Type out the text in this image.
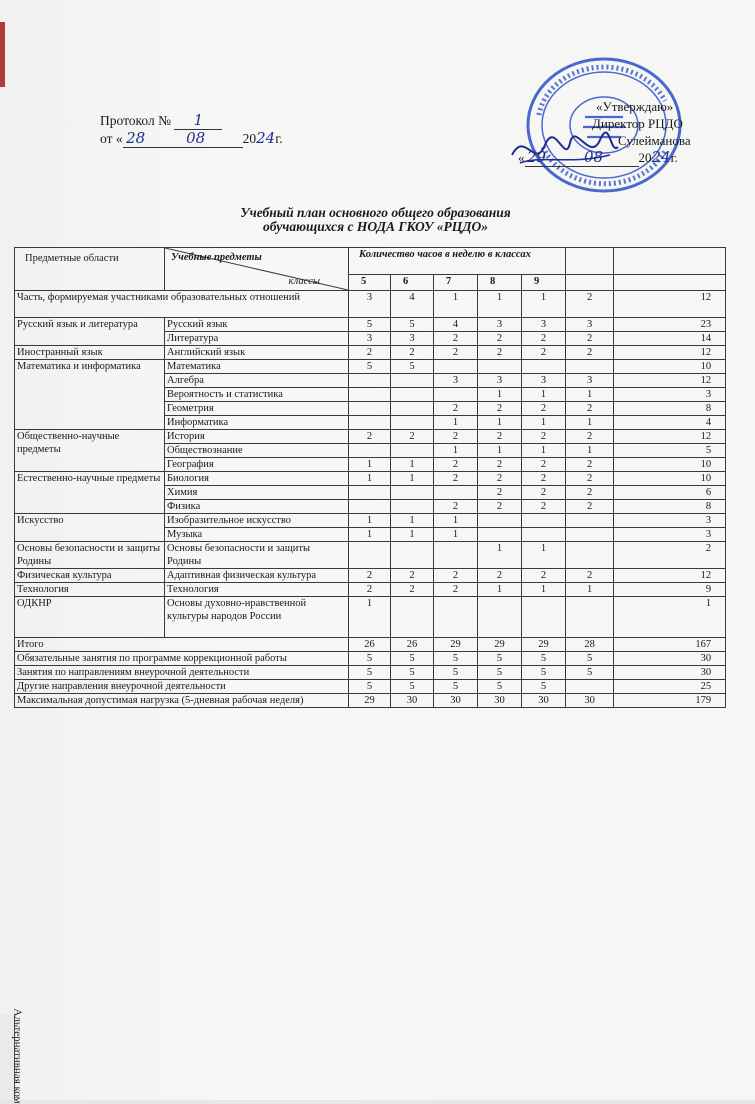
Протокол № 1
от « 28	08	2024г.
«Утверждаю»
Директор РЦДО
Сулейманова
« 29	08	2024г.
Учебный план основного общего образования
обучающихся с НОДА ГКОУ «РЦДО»
Предметные области	Учебные предметы
классы	Количество часов в неделю в классах						
		5	6	7	8	9		
Часть, формируемая участниками образовательных отношений		3	4	1	1	1	2	12
Русский язык и литература	Русский язык	5	5	4	3	3	3	23
	Литература	3	3	2	2	2	2	14
Иностранный язык	Английский язык	2	2	2	2	2	2	12
Математика и информатика	Математика	5	5					10
	Алгебра			3	3	3	3	12
	Вероятность и статистика				1	1	1	3
	Геометрия			2	2	2	2	8
	Информатика			1	1	1	1	4
Общественно-научные предметы	История	2	2	2	2	2	2	12
	Обществознание			1	1	1	1	5
	География	1	1	2	2	2	2	10
Естественно-научные предметы	Биология	1	1	2	2	2	2	10
	Химия				2	2	2	6
	Физика			2	2	2	2	8
Искусство	Изобразительное искусство	1	1	1				3
	Музыка	1	1	1				3
Основы безопасности и защиты Родины	Основы безопасности и защиты Родины				1	1		2
Физическая культура	Адаптивная физическая культура	2	2	2	2	2	2	12
Технология	Технология	2	2	2	1	1	1	9
ОДКНР	Основы духовно-нравственной культуры народов России	1						1
Итого		26	26	29	29	29	28	167
Обязательные занятия по программе коррекционной работы		5	5	5	5	5	5	30
Занятия по направлениям внеурочной деятельности		5	5	5	5	5	5	30
Другие направления внеурочной деятельности		5	5	5	5	5		25
Максимальная допустимая нагрузка (5-дневная рабочая неделя)		29	30	30	30	30	30	179
Альтернативная ком
